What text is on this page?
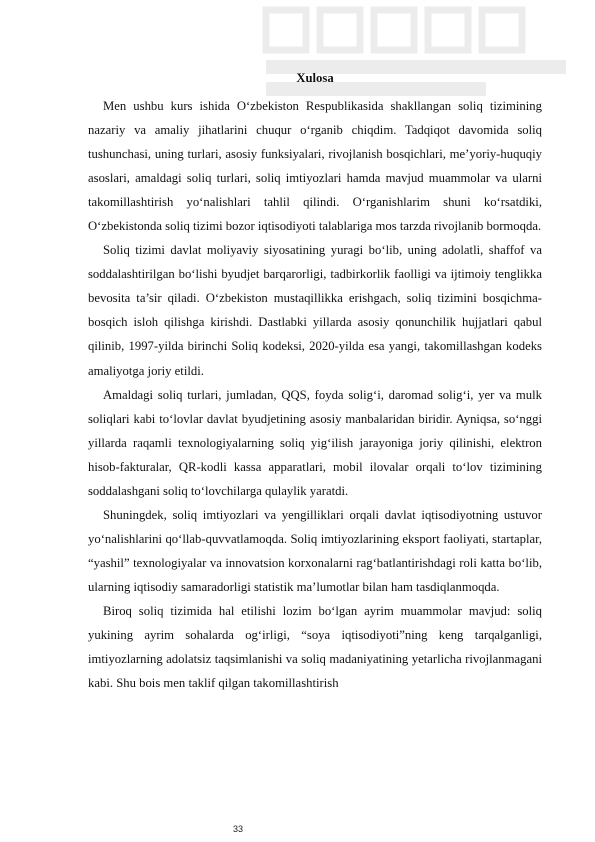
Xulosa

Men ushbu kurs ishida O‘zbekiston Respublikasida shakllangan soliq tizimining nazariy va amaliy jihatlarini chuqur o‘rganib chiqdim. Tadqiqot davomida soliq tushunchasi, uning turlari, asosiy funksiyalari, rivojlanish bosqichlari, me’yoriy-huquqiy asoslari, amaldagi soliq turlari, soliq imtiyozlari hamda mavjud muammolar va ularni takomillashtirish yo‘nalishlari tahlil qilindi. O‘rganishlarim shuni ko‘rsatdiki, O‘zbekistonda soliq tizimi bozor iqtisodiyoti talablariga mos tarzda rivojlanib bormoqda.

Soliq tizimi davlat moliyaviy siyosatining yuragi bo‘lib, uning adolatli, shaffof va soddalashtirilgan bo‘lishi byudjet barqarorligi, tadbirkorlik faolligi va ijtimoiy tenglikka bevosita ta’sir qiladi. O‘zbekiston mustaqillikka erishgach, soliq tizimini bosqichma-bosqich isloh qilishga kirishdi. Dastlabki yillarda asosiy qonunchilik hujjatlari qabul qilinib, 1997-yilda birinchi Soliq kodeksi, 2020-yilda esa yangi, takomillashgan kodeks amaliyotga joriy etildi.

Amaldagi soliq turlari, jumladan, QQS, foyda solig‘i, daromad solig‘i, yer va mulk soliqlari kabi to‘lovlar davlat byudjetining asosiy manbalaridan biridir. Ayniqsa, so‘nggi yillarda raqamli texnologiyalarning soliq yig‘ilish jarayoniga joriy qilinishi, elektron hisob-fakturalar, QR-kodli kassa apparatlari, mobil ilovalar orqali to‘lov tizimining soddalashgani soliq to‘lovchilarga qulaylik yaratdi.

Shuningdek, soliq imtiyozlari va yengilliklari orqali davlat iqtisodiyotning ustuvor yo‘nalishlarini qo‘llab-quvvatlamoqda. Soliq imtiyozlarining eksport faoliyati, startaplar, “yashil” texnologiyalar va innovatsion korxonalarni rag‘batlantirishdagi roli katta bo‘lib, ularning iqtisodiy samaradorligi statistik ma’lumotlar bilan ham tasdiqlanmoqda.

Biroq soliq tizimida hal etilishi lozim bo‘lgan ayrim muammolar mavjud: soliq yukining ayrim sohalarda og‘irligi, “soya iqtisodiyoti”ning keng tarqalganligi, imtiyozlarning adolatsiz taqsimlanishi va soliq madaniyatining yetarlicha rivojlanmagani kabi. Shu bois men taklif qilgan takomillashtirish

33
